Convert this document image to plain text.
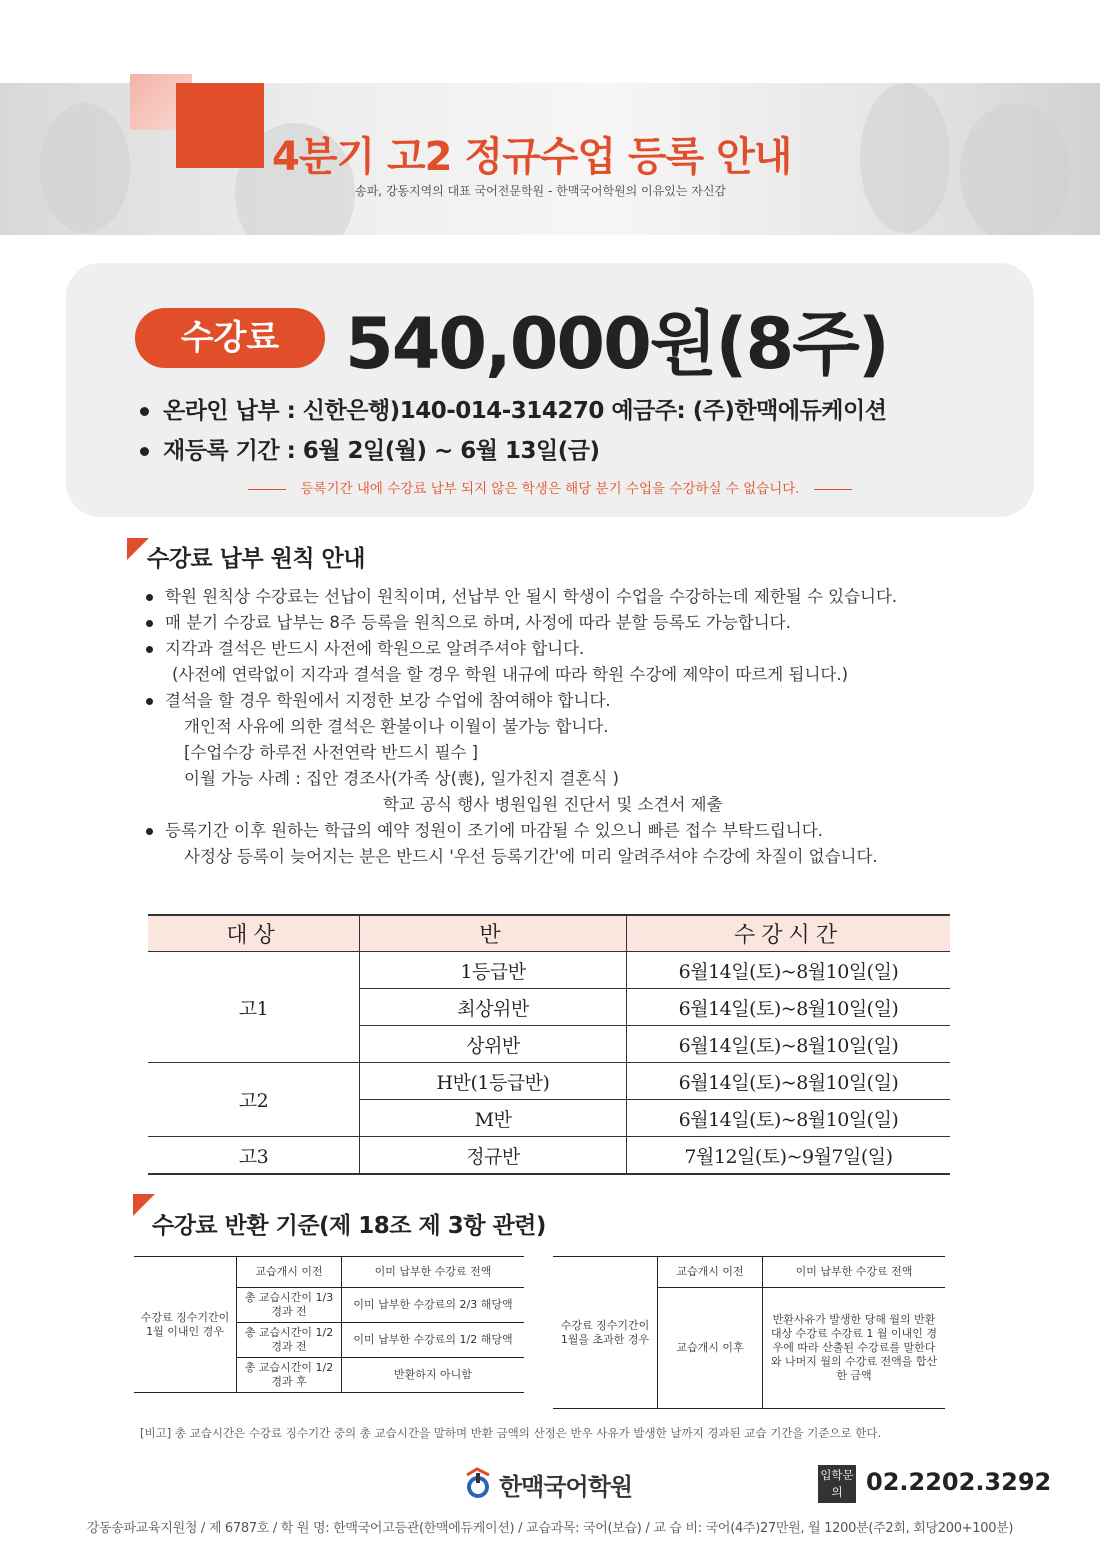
4분기 고2 정규수업 등록 안내
송파, 강동지역의 대표 국어전문학원 - 한맥국어학원의 이유있는 자신감
수강료 540,000원(8주)
온라인 납부 : 신한은행)140-014-314270 예금주: (주)한맥에듀케이션
재등록 기간 : 6월 2일(월) ~ 6월 13일(금)
등록기간 내에 수강료 납부 되지 않은 학생은 해당 분기 수업을 수강하실 수 없습니다.
수강료 납부 원칙 안내
학원 원칙상 수강료는 선납이 원칙이며, 선납부 안 될시 학생이 수업을 수강하는데 제한될 수 있습니다.
매 분기 수강료 납부는 8주 등록을 원칙으로 하며, 사정에 따라 분할 등록도 가능합니다.
지각과 결석은 반드시 사전에 학원으로 알려주셔야 합니다.
(사전에 연락없이 지각과 결석을 할 경우 학원 내규에 따라 학원 수강에 제약이 따르게 됩니다.)
결석을 할 경우 학원에서 지정한 보강 수업에 참여해야 합니다.
개인적 사유에 의한 결석은 환불이나 이월이 불가능 합니다.
[수업수강 하루전 사전연락 반드시 필수 ]
이월 가능 사례 : 집안 경조사(가족 상(喪), 일가친지 결혼식 )
학교 공식 행사 병원입원 진단서 및 소견서 제출
등록기간 이후 원하는 학급의 예약 정원이 조기에 마감될 수 있으니 빠른 접수 부탁드립니다.
사정상 등록이 늦어지는 분은 반드시 '우선 등록기간'에 미리 알려주셔야 수강에 차질이 없습니다.
대상	반	수강시간
고1	1등급반	6월14일(토)~8월10일(일)
	최상위반	6월14일(토)~8월10일(일)
	상위반	6월14일(토)~8월10일(일)
고2	H반(1등급반)	6월14일(토)~8월10일(일)
	M반	6월14일(토)~8월10일(일)
고3	정규반	7월12일(토)~9월7일(일)
수강료 반환 기준(제 18조 제 3항 관련)
수강료 징수기간이 1월 이내인 경우	교습개시 이전	이미 납부한 수강료 전액
	총 교습시간이 1/3경과 전	이미 납부한 수강료의 2/3 해당액
	총 교습시간이 1/2경과 전	이미 납부한 수강료의 1/2 해당액
	총 교습시간이 1/2경과 후	반환하지 아니함
수강료 징수기간이 1월을 초과한 경우	교습개시 이전	이미 납부한 수강료 전액
	교습개시 이후	반환사유가 발생한 당해 월의 반환 대상 수강료 수강료 1 월 이내인 경우에 따라 산출된 수강료를 말한다 와 나머지 월의 수강료 전액을 합산한 금액
[비고] 총 교습시간은 수강료 징수기간 중의 총 교습시간을 말하며 반환 금액의 산정은 반우 사유가 발생한 날까지 경과된 교습 기간을 기준으로 한다.
한맥국어학원	입학문의 02.2202.3292
강동송파교육지원청 / 제 6787호 / 학 원 명: 한맥국어고등관(한맥에듀케이션) / 교습과목: 국어(보습) / 교 습 비: 국어(4주)27만원, 월 1200분(주2회, 회당200+100분)
